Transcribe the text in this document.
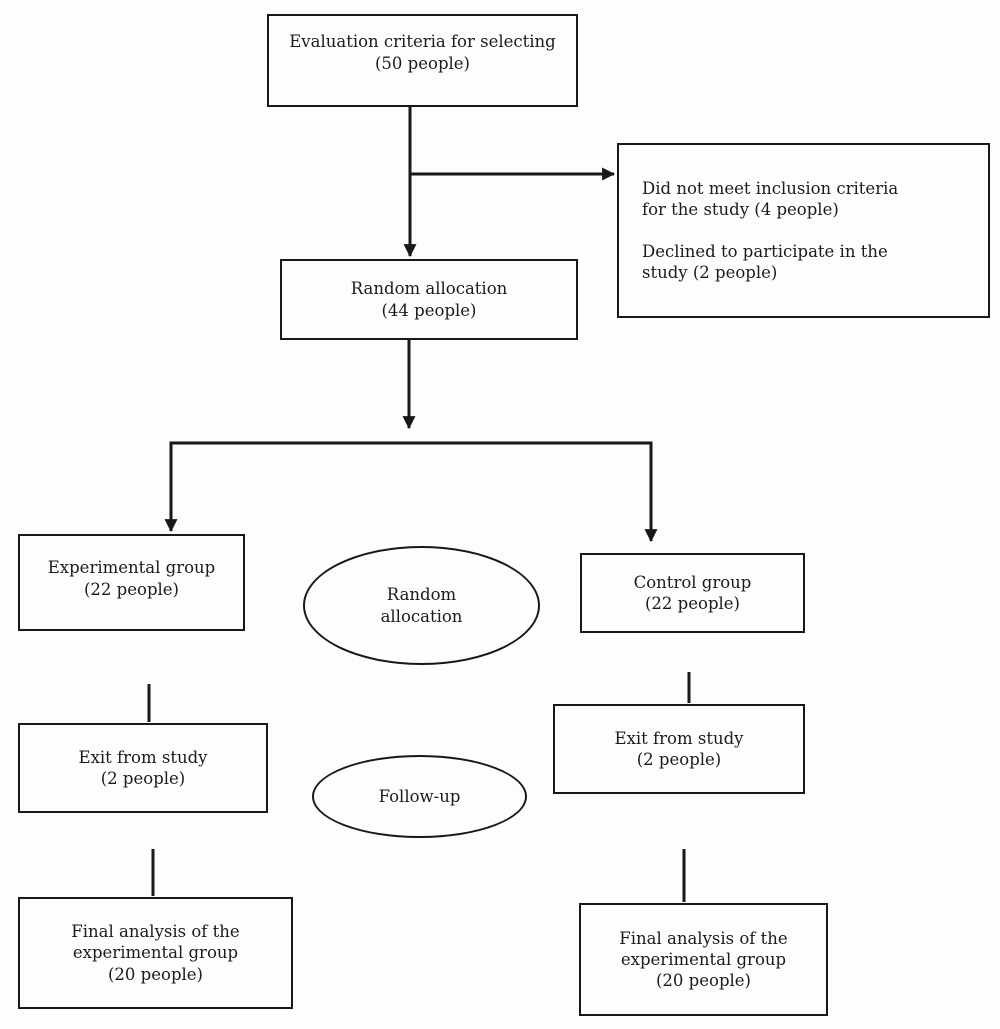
Evaluation criteria for selecting
(50 people)
Did not meet inclusion criteria
for the study (4 people)
Declined to participate in the
study (2 people)
Random allocation
(44 people)
Experimental group
(22 people)	Random
allocation
Control group
(22 people)
Exit from study
(2 people)
Follow-up
Exit from study
(2 people)
Final analysis of the
experimental group
(20 people)
Final analysis of the
experimental group
(20 people)
